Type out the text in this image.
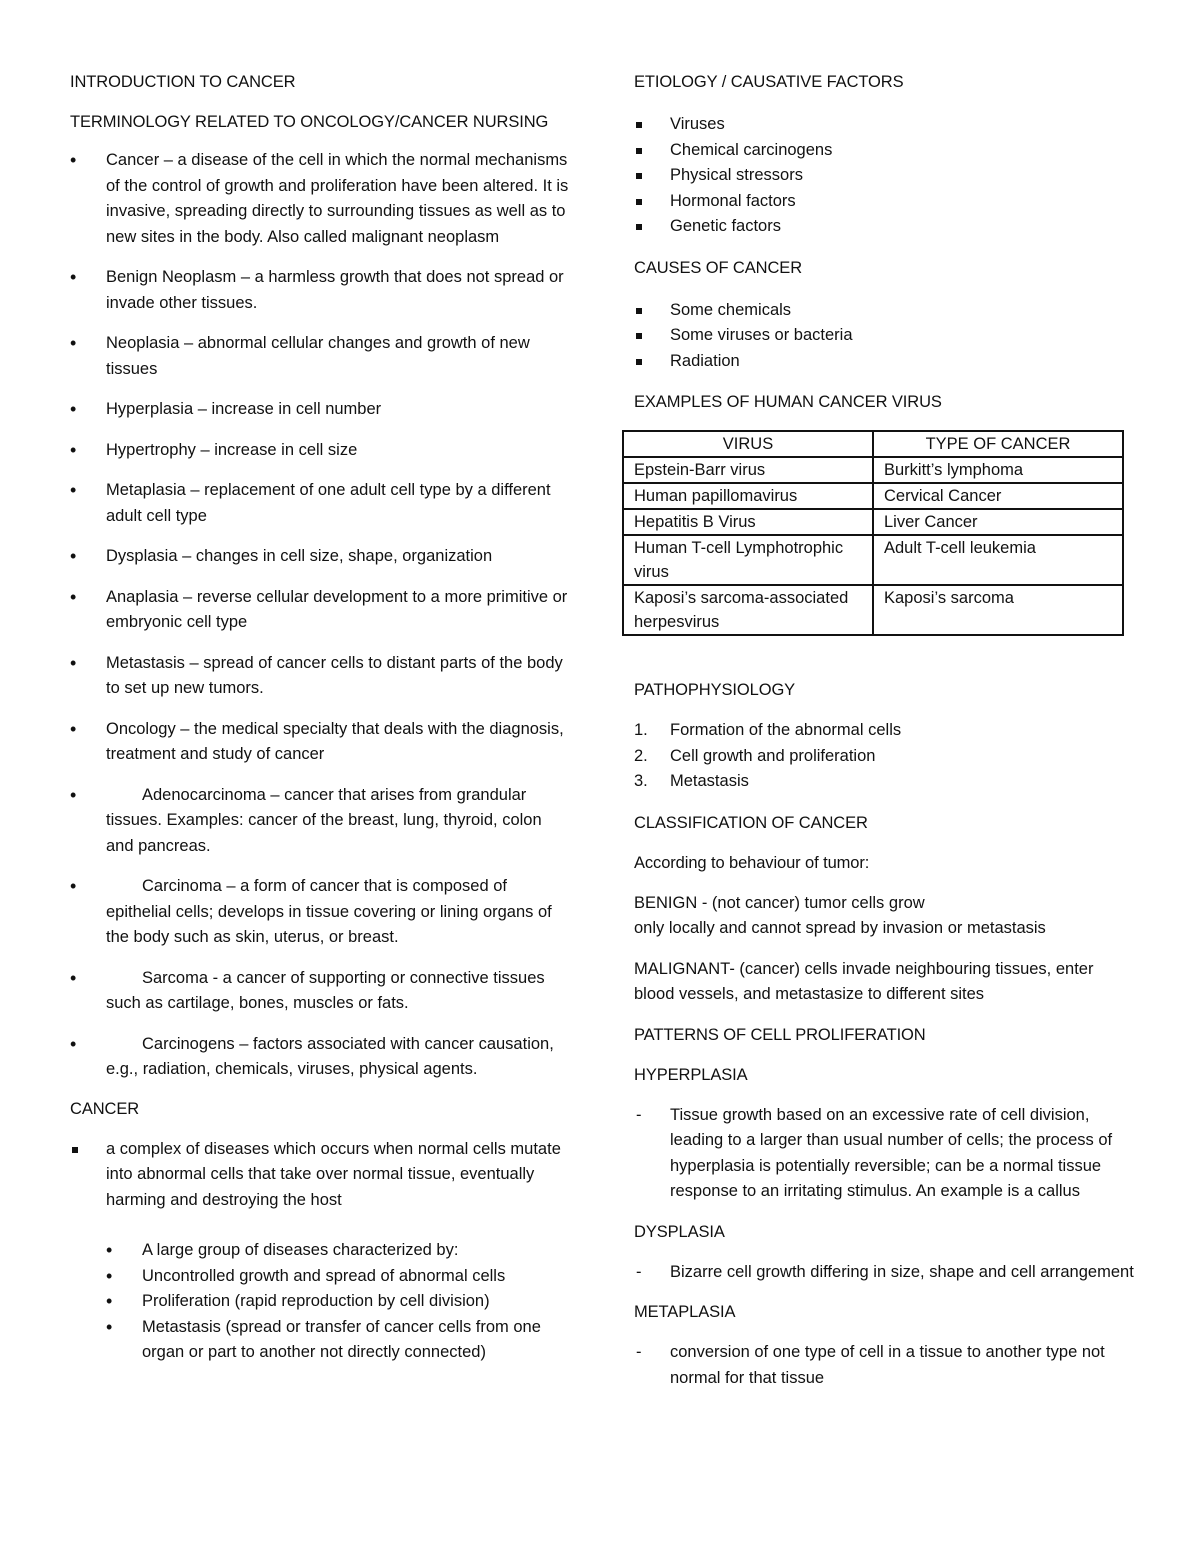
INTRODUCTION TO CANCER
TERMINOLOGY RELATED TO ONCOLOGY/CANCER NURSING
• Cancer – a disease of the cell in which the normal mechanisms of the control of growth and proliferation have been altered. It is invasive, spreading directly to surrounding tissues as well as to new sites in the body. Also called malignant neoplasm
• Benign Neoplasm – a harmless growth that does not spread or invade other tissues.
• Neoplasia – abnormal cellular changes and growth of new tissues
• Hyperplasia – increase in cell number
• Hypertrophy – increase in cell size
• Metaplasia – replacement of one adult cell type by a different adult cell type
• Dysplasia – changes in cell size, shape, organization
• Anaplasia – reverse cellular development to a more primitive or embryonic cell type
• Metastasis – spread of cancer cells to distant parts of the body to set up new tumors.
• Oncology – the medical specialty that deals with the diagnosis, treatment and study of cancer
• Adenocarcinoma – cancer that arises from grandular tissues. Examples: cancer of the breast, lung, thyroid, colon and pancreas.
• Carcinoma – a form of cancer that is composed of epithelial cells; develops in tissue covering or lining organs of the body such as skin, uterus, or breast.
• Sarcoma - a cancer of supporting or connective tissues such as cartilage, bones, muscles or fats.
• Carcinogens – factors associated with cancer causation, e.g., radiation, chemicals, viruses, physical agents.
CANCER
a complex of diseases which occurs when normal cells mutate into abnormal cells that take over normal tissue, eventually harming and destroying the host
• A large group of diseases characterized by:
• Uncontrolled growth and spread of abnormal cells
• Proliferation (rapid reproduction by cell division)
• Metastasis (spread or transfer of cancer cells from one organ or part to another not directly connected)
ETIOLOGY / CAUSATIVE FACTORS
Viruses
Chemical carcinogens
Physical stressors
Hormonal factors
Genetic factors
CAUSES OF CANCER
Some chemicals
Some viruses or bacteria
Radiation
EXAMPLES OF HUMAN CANCER VIRUS
VIRUS	TYPE OF CANCER
Epstein-Barr virus	Burkitt’s lymphoma
Human papillomavirus	Cervical Cancer
Hepatitis B Virus	Liver Cancer
Human T-cell Lymphotrophic virus	Adult T-cell leukemia
Kaposi’s sarcoma-associated herpesvirus	Kaposi’s sarcoma
PATHOPHYSIOLOGY
1. Formation of the abnormal cells
2. Cell growth and proliferation
3. Metastasis
CLASSIFICATION OF CANCER
According to behaviour of tumor:
BENIGN - (not cancer) tumor cells grow
only locally and cannot spread by invasion or metastasis
MALIGNANT- (cancer) cells invade neighbouring tissues, enter blood vessels, and metastasize to different sites
PATTERNS OF CELL PROLIFERATION
HYPERPLASIA
- Tissue growth based on an excessive rate of cell division, leading to a larger than usual number of cells; the process of hyperplasia is potentially reversible; can be a normal tissue response to an irritating stimulus. An example is a callus
DYSPLASIA
- Bizarre cell growth differing in size, shape and cell arrangement
METAPLASIA
- conversion of one type of cell in a tissue to another type not normal for that tissue
